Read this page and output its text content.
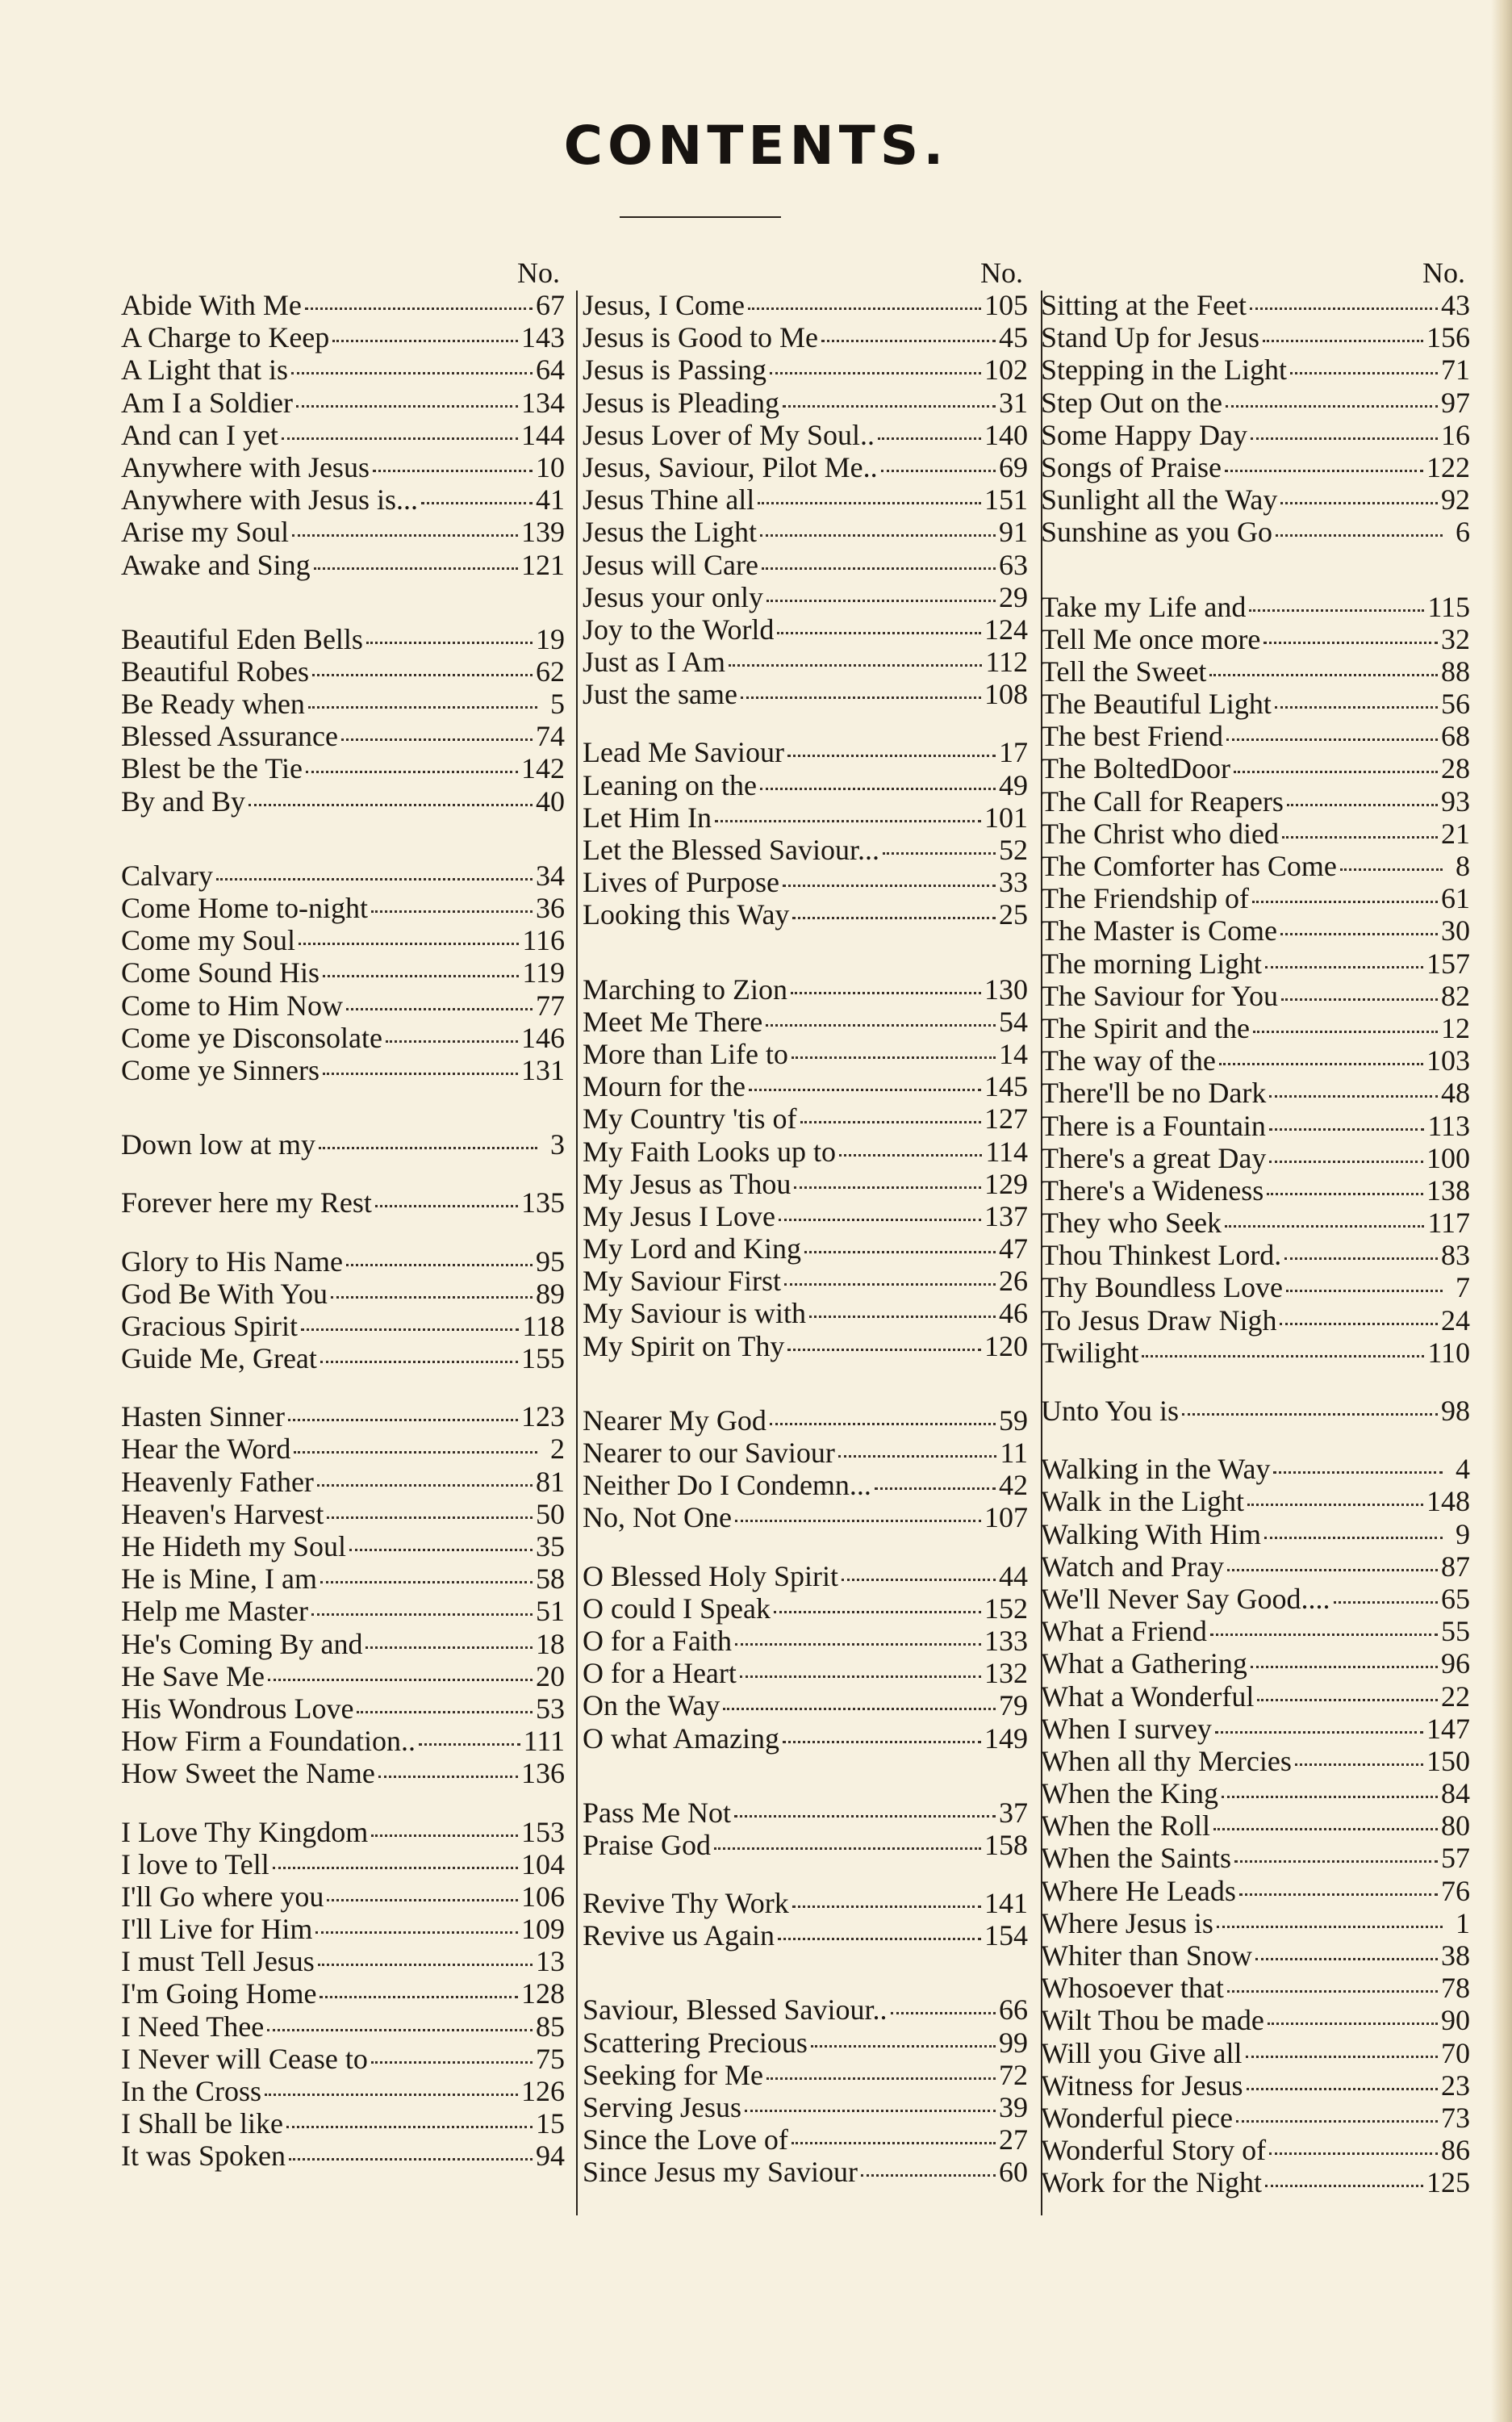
CONTENTS.
No.
Abide With Me	67
A Charge to Keep	143
A Light that is	64
Am I a Soldier	134
And can I yet	144
Anywhere with Jesus	10
Anywhere with Jesus is...	41
Arise my Soul	139
Awake and Sing	121
Beautiful Eden Bells	19
Beautiful Robes	62
Be Ready when	5
Blessed Assurance	74
Blest be the Tie	142
By and By	40
Calvary	34
Come Home to-night	36
Come my Soul	116
Come Sound His	119
Come to Him Now	77
Come ye Disconsolate	146
Come ye Sinners	131
Down low at my	3
Forever here my Rest	135
Glory to His Name	95
God Be With You	89
Gracious Spirit	118
Guide Me, Great	155
Hasten Sinner	123
Hear the Word	2
Heavenly Father	81
Heaven's Harvest	50
He Hideth my Soul	35
He is Mine, I am	58
Help me Master	51
He's Coming By and	18
He Save Me	20
His Wondrous Love	53
How Firm a Foundation..	111
How Sweet the Name	136
I Love Thy Kingdom	153
I love to Tell	104
I'll Go where you	106
I'll Live for Him	109
I must Tell Jesus	13
I'm Going Home	128
I Need Thee	85
I Never will Cease to	75
In the Cross	126
I Shall be like	15
It was Spoken	94
No.
Jesus, I Come	105
Jesus is Good to Me	45
Jesus is Passing	102
Jesus is Pleading	31
Jesus Lover of My Soul..	140
Jesus, Saviour, Pilot Me..	69
Jesus Thine all	151
Jesus the Light	91
Jesus will Care	63
Jesus your only	29
Joy to the World	124
Just as I Am	112
Just the same	108
Lead Me Saviour	17
Leaning on the	49
Let Him In	101
Let the Blessed Saviour...	52
Lives of Purpose	33
Looking this Way	25
Marching to Zion	130
Meet Me There	54
More than Life to	14
Mourn for the	145
My Country 'tis of	127
My Faith Looks up to	114
My Jesus as Thou	129
My Jesus I Love	137
My Lord and King	47
My Saviour First	26
My Saviour is with	46
My Spirit on Thy	120
Nearer My God	59
Nearer to our Saviour	11
Neither Do I Condemn...	42
No, Not One	107
O Blessed Holy Spirit	44
O could I Speak	152
O for a Faith	133
O for a Heart	132
On the Way	79
O what Amazing	149
Pass Me Not	37
Praise God	158
Revive Thy Work	141
Revive us Again	154
Saviour, Blessed Saviour..	66
Scattering Precious	99
Seeking for Me	72
Serving Jesus	39
Since the Love of	27
Since Jesus my Saviour	60
No.
Sitting at the Feet	43
Stand Up for Jesus	156
Stepping in the Light	71
Step Out on the	97
Some Happy Day	16
Songs of Praise	122
Sunlight all the Way	92
Sunshine as you Go	6
Take my Life and	115
Tell Me once more	32
Tell the Sweet	88
The Beautiful Light	56
The best Friend	68
The BoltedDoor	28
The Call for Reapers	93
The Christ who died	21
The Comforter has Come	8
The Friendship of	61
The Master is Come	30
The morning Light	157
The Saviour for You	82
The Spirit and the	12
The way of the	103
There'll be no Dark	48
There is a Fountain	113
There's a great Day	100
There's a Wideness	138
They who Seek	117
Thou Thinkest Lord.	83
Thy Boundless Love	7
To Jesus Draw Nigh	24
Twilight	110
Unto You is	98
Walking in the Way	4
Walk in the Light	148
Walking With Him	9
Watch and Pray	87
We'll Never Say Good....	65
What a Friend	55
What a Gathering	96
What a Wonderful	22
When I survey	147
When all thy Mercies	150
When the King	84
When the Roll	80
When the Saints	57
Where He Leads	76
Where Jesus is	1
Whiter than Snow	38
Whosoever that	78
Wilt Thou be made	90
Will you Give all	70
Witness for Jesus	23
Wonderful piece	73
Wonderful Story of	86
Work for the Night	125
